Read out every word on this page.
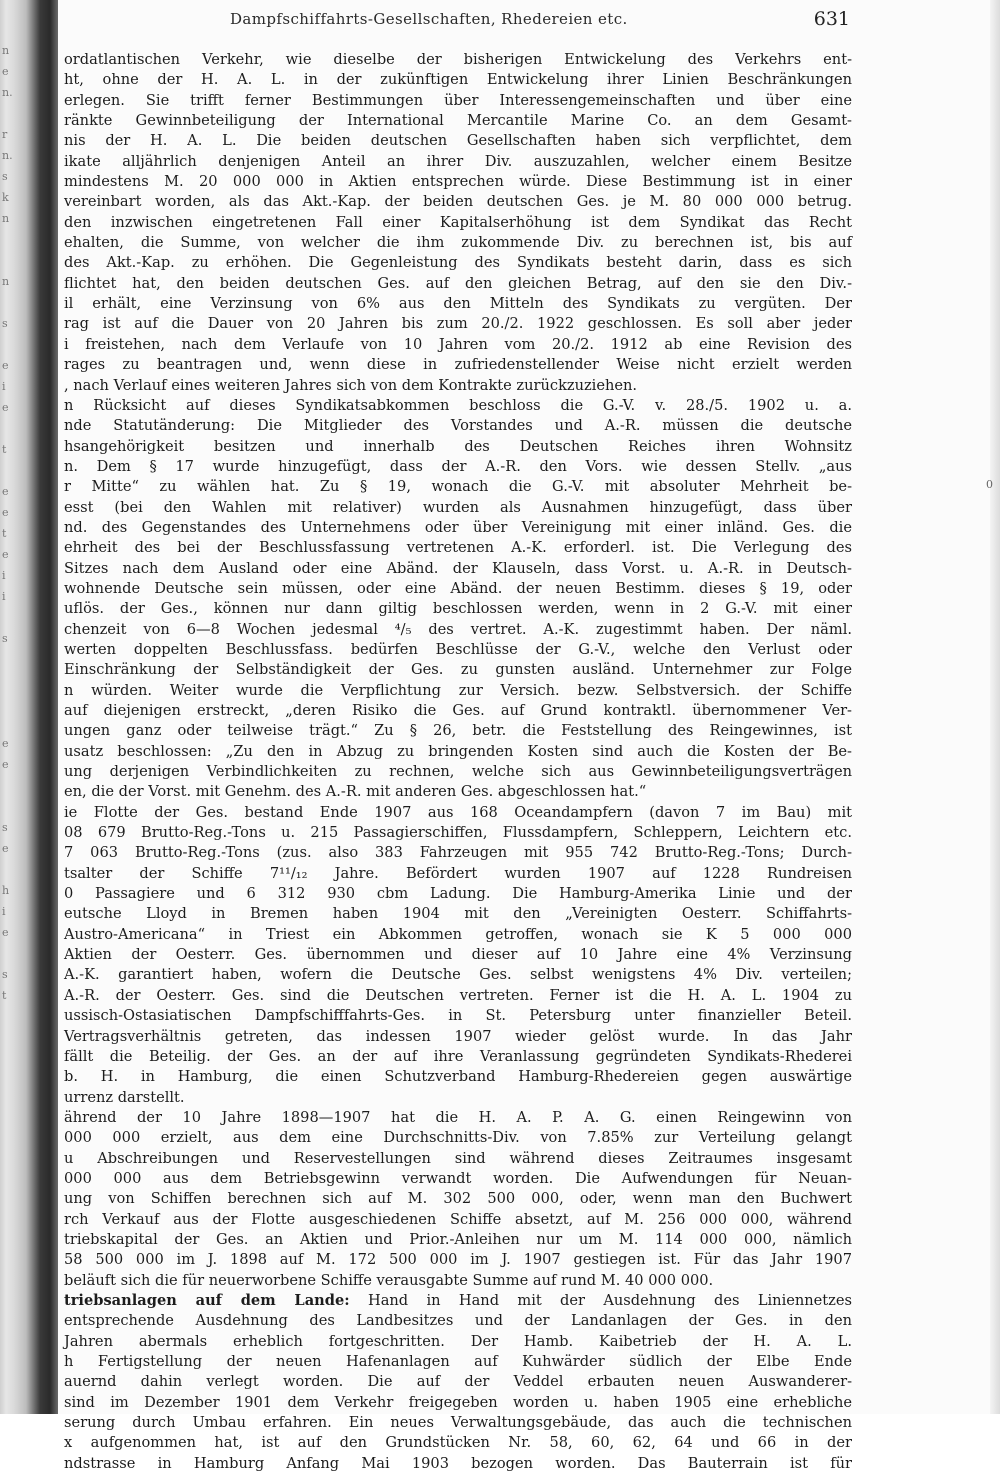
n
e
n.

r
n.
s
k
n

n

s

e
i
e

t

e
e
t
e
i
i

s

e
e

s
e

h
i
e

s
t

Dampfschiffahrts-Gesellschaften, Rhedereien etc.	631
ordatlantischen Verkehr, wie dieselbe der bisherigen Entwickelung des Verkehrs ent-
ht, ohne der H. A. L. in der zukünftigen Entwickelung ihrer Linien Beschränkungen
erlegen. Sie trifft ferner Bestimmungen über Interessengemeinschaften und über eine
ränkte Gewinnbeteiligung der International Mercantile Marine Co. an dem Gesamt-
nis der H. A. L. Die beiden deutschen Gesellschaften haben sich verpflichtet, dem
ikate alljährlich denjenigen Anteil an ihrer Div. auszuzahlen, welcher einem Besitze
mindestens M. 20 000 000 in Aktien entsprechen würde. Diese Bestimmung ist in einer
vereinbart worden, als das Akt.-Kap. der beiden deutschen Ges. je M. 80 000 000 betrug.
den inzwischen eingetretenen Fall einer Kapitalserhöhung ist dem Syndikat das Recht
ehalten, die Summe, von welcher die ihm zukommende Div. zu berechnen ist, bis auf
des Akt.-Kap. zu erhöhen. Die Gegenleistung des Syndikats besteht darin, dass es sich
flichtet hat, den beiden deutschen Ges. auf den gleichen Betrag, auf den sie den Div.-
il erhält, eine Verzinsung von 6% aus den Mitteln des Syndikats zu vergüten. Der
rag ist auf die Dauer von 20 Jahren bis zum 20./2. 1922 geschlossen. Es soll aber jeder
i freistehen, nach dem Verlaufe von 10 Jahren vom 20./2. 1912 ab eine Revision des
rages zu beantragen und, wenn diese in zufriedenstellender Weise nicht erzielt werden
, nach Verlauf eines weiteren Jahres sich von dem Kontrakte zurückzuziehen.
n Rücksicht auf dieses Syndikatsabkommen beschloss die G.-V. v. 28./5. 1902 u. a.
nde Statutänderung: Die Mitglieder des Vorstandes und A.-R. müssen die deutsche
hsangehörigkeit besitzen und innerhalb des Deutschen Reiches ihren Wohnsitz
n. Dem § 17 wurde hinzugefügt, dass der A.-R. den Vors. wie dessen Stellv. „aus
r Mitte“ zu wählen hat. Zu § 19, wonach die G.-V. mit absoluter Mehrheit be-
esst (bei den Wahlen mit relativer) wurden als Ausnahmen hinzugefügt, dass über
nd. des Gegenstandes des Unternehmens oder über Vereinigung mit einer inländ. Ges. die
ehrheit des bei der Beschlussfassung vertretenen A.-K. erforderl. ist. Die Verlegung des
Sitzes nach dem Ausland oder eine Abänd. der Klauseln, dass Vorst. u. A.-R. in Deutsch-
wohnende Deutsche sein müssen, oder eine Abänd. der neuen Bestimm. dieses § 19, oder
uflös. der Ges., können nur dann giltig beschlossen werden, wenn in 2 G.-V. mit einer
chenzeit von 6—8 Wochen jedesmal ⁴/₅ des vertret. A.-K. zugestimmt haben. Der näml.
werten doppelten Beschlussfass. bedürfen Beschlüsse der G.-V., welche den Verlust oder
Einschränkung der Selbständigkeit der Ges. zu gunsten ausländ. Unternehmer zur Folge
n würden. Weiter wurde die Verpflichtung zur Versich. bezw. Selbstversich. der Schiffe
auf diejenigen erstreckt, „deren Risiko die Ges. auf Grund kontraktl. übernommener Ver-
ungen ganz oder teilweise trägt.“ Zu § 26, betr. die Feststellung des Reingewinnes, ist
usatz beschlossen: „Zu den in Abzug zu bringenden Kosten sind auch die Kosten der Be-
ung derjenigen Verbindlichkeiten zu rechnen, welche sich aus Gewinnbeteiligungsverträgen
en, die der Vorst. mit Genehm. des A.-R. mit anderen Ges. abgeschlossen hat.“
ie Flotte der Ges. bestand Ende 1907 aus 168 Oceandampfern (davon 7 im Bau) mit
08 679 Brutto-Reg.-Tons u. 215 Passagierschiffen, Flussdampfern, Schleppern, Leichtern etc.
7 063 Brutto-Reg.-Tons (zus. also 383 Fahrzeugen mit 955 742 Brutto-Reg.-Tons; Durch-
tsalter der Schiffe 7¹¹/₁₂ Jahre. Befördert wurden 1907 auf 1228 Rundreisen
0 Passagiere und 6 312 930 cbm Ladung. Die Hamburg-Amerika Linie und der
eutsche Lloyd in Bremen haben 1904 mit den „Vereinigten Oesterr. Schiffahrts-
Austro-Americana“ in Triest ein Abkommen getroffen, wonach sie K 5 000 000
Aktien der Oesterr. Ges. übernommen und dieser auf 10 Jahre eine 4% Verzinsung
A.-K. garantiert haben, wofern die Deutsche Ges. selbst wenigstens 4% Div. verteilen;
A.-R. der Oesterr. Ges. sind die Deutschen vertreten. Ferner ist die H. A. L. 1904 zu
ussisch-Ostasiatischen Dampfschifffahrts-Ges. in St. Petersburg unter finanzieller Beteil.
Vertragsverhältnis getreten, das indessen 1907 wieder gelöst wurde. In das Jahr
fällt die Beteilig. der Ges. an der auf ihre Veranlassung gegründeten Syndikats-Rhederei
b. H. in Hamburg, die einen Schutzverband Hamburg-Rhedereien gegen auswärtige
urrenz darstellt.
ährend der 10 Jahre 1898—1907 hat die H. A. P. A. G. einen Reingewinn von
000 000 erzielt, aus dem eine Durchschnitts-Div. von 7.85% zur Verteilung gelangt
u Abschreibungen und Reservestellungen sind während dieses Zeitraumes insgesamt
000 000 aus dem Betriebsgewinn verwandt worden. Die Aufwendungen für Neuan-
ung von Schiffen berechnen sich auf M. 302 500 000, oder, wenn man den Buchwert
rch Verkauf aus der Flotte ausgeschiedenen Schiffe absetzt, auf M. 256 000 000, während
triebskapital der Ges. an Aktien und Prior.-Anleihen nur um M. 114 000 000, nämlich
58 500 000 im J. 1898 auf M. 172 500 000 im J. 1907 gestiegen ist. Für das Jahr 1907
beläuft sich die für neuerworbene Schiffe verausgabte Summe auf rund M. 40 000 000.
triebsanlagen auf dem Lande: Hand in Hand mit der Ausdehnung des Liniennetzes
entsprechende Ausdehnung des Landbesitzes und der Landanlagen der Ges. in den
Jahren abermals erheblich fortgeschritten. Der Hamb. Kaibetrieb der H. A. L.
h Fertigstellung der neuen Hafenanlagen auf Kuhwärder südlich der Elbe Ende
auernd dahin verlegt worden. Die auf der Veddel erbauten neuen Auswanderer-
sind im Dezember 1901 dem Verkehr freigegeben worden u. haben 1905 eine erhebliche
serung durch Umbau erfahren. Ein neues Verwaltungsgebäude, das auch die technischen
x aufgenommen hat, ist auf den Grundstücken Nr. 58, 60, 62, 64 und 66 in der
ndstrasse in Hamburg Anfang Mai 1903 bezogen worden. Das Bauterrain ist für
0
